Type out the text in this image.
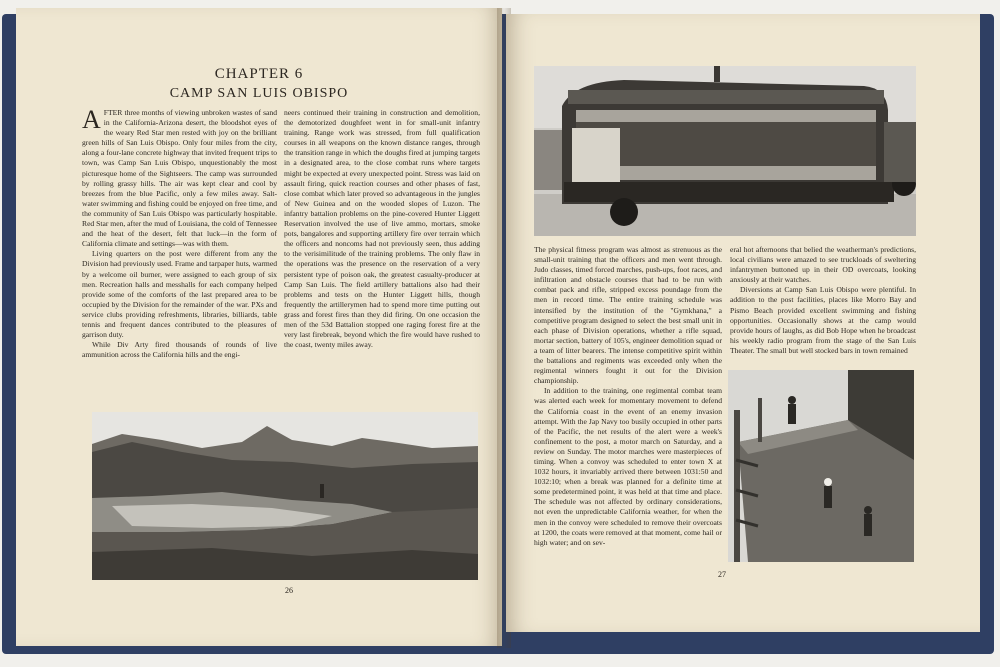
CHAPTER 6
CAMP SAN LUIS OBISPO

AFTER three months of viewing unbroken wastes of sand in the California-Arizona desert, the bloodshot eyes of the weary Red Star men rested with joy on the brilliant green hills of San Luis Obispo. Only four miles from the city, along a four-lane concrete highway that invited frequent trips to town, was Camp San Luis Obispo, unquestionably the most picturesque home of the Sightseers. The camp was surrounded by rolling grassy hills. The air was kept clear and cool by breezes from the blue Pacific, only a few miles away. Salt-water swimming and fishing could be enjoyed on free time, and the community of San Luis Obispo was particularly hospitable. Red Star men, after the mud of Louisiana, the cold of Tennessee and the heat of the desert, felt that luck—in the form of California climate and settings—was with them.

Living quarters on the post were different from any the Division had previously used. Frame and tarpaper huts, warmed by a welcome oil burner, were assigned to each group of six men. Recreation halls and messhalls for each company helped provide some of the comforts of the last prepared area to be occupied by the Division for the remainder of the war. PXs and service clubs providing refreshments, libraries, billiards, table tennis and frequent dances contributed to the pleasures of garrison duty.

While Div Arty fired thousands of rounds of live ammunition across the California hills and the engi-

neers continued their training in construction and demolition, the demotorized doughfeet went in for small-unit infantry training. Range work was stressed, from full qualification courses in all weapons on the known distance ranges, through the transition range in which the doughs fired at jumping targets in a designated area, to the close combat runs where targets might be expected at every unexpected point. Stress was laid on assault firing, quick reaction courses and other phases of fast, close combat which later proved so advantageous in the jungles of New Guinea and on the wooded slopes of Luzon. The infantry battalion problems on the pine-covered Hunter Liggett Reservation involved the use of live ammo, mortars, smoke pots, bangalores and supporting artillery fire over terrain which the officers and noncoms had not previously seen, thus adding to the verisimilitude of the training problems. The only flaw in the operations was the presence on the reservation of a very persistent type of poison oak, the greatest casualty-producer at Camp San Luis. The field artillery battalions also had their problems and tests on the Hunter Liggett hills, though frequently the artillerymen had to spend more time putting out grass and forest fires than they did firing. On one occasion the men of the 53d Battalion stopped one raging forest fire at the very last firebreak, beyond which the fire would have rushed to the coast, twenty miles away.

26

The physical fitness program was almost as strenuous as the small-unit training that the officers and men went through. Judo classes, timed forced marches, push-ups, foot races, and infiltration and obstacle courses that had to be run with combat pack and rifle, stripped excess poundage from the men in record time. The entire training schedule was intensified by the institution of the "Gymkhana," a competitive program designed to select the best small unit in each phase of Division operations, whether a rifle squad, mortar section, battery of 105's, engineer demolition squad or a team of litter bearers. The intense competitive spirit within the battalions and regiments was exceeded only when the regimental winners fought it out for the Division championship.

In addition to the training, one regimental combat team was alerted each week for momentary movement to defend the California coast in the event of an enemy invasion attempt. With the Jap Navy too busily occupied in other parts of the Pacific, the net results of the alert were a week's confinement to the post, a motor march on Saturday, and a review on Sunday. The motor marches were masterpieces of timing. When a convoy was scheduled to enter town X at 1032 hours, it invariably arrived there between 1031:50 and 1032:10; when a break was planned for a definite time at some predetermined point, it was held at that time and place. The schedule was not affected by ordinary considerations, not even the unpredictable California weather, for when the men in the convoy were scheduled to remove their overcoats at 1200, the coats were removed at that moment, come hail or high water; and on sev-

eral hot afternoons that belied the weatherman's predictions, local civilians were amazed to see truckloads of sweltering infantrymen buttoned up in their OD overcoats, looking anxiously at their watches.

Diversions at Camp San Luis Obispo were plentiful. In addition to the post facilities, places like Morro Bay and Pismo Beach provided excellent swimming and fishing opportunities. Occasionally shows at the camp would provide hours of laughs, as did Bob Hope when he broadcast his weekly radio program from the stage of the San Luis Theater. The small but well stocked bars in town remained

27
